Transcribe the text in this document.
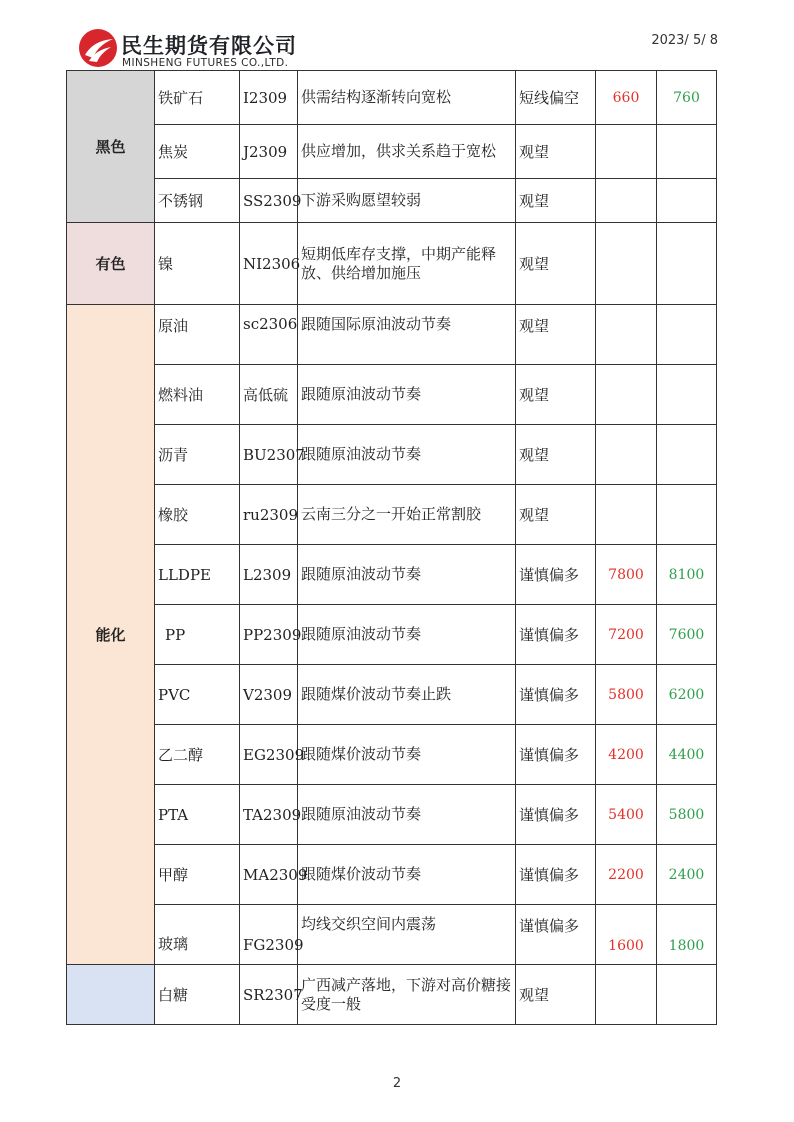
民生期货有限公司
MINSHENG FUTURES CO.,LTD.
2023/ 5/ 8
黑色	铁矿石	I2309	供需结构逐渐转向宽松	短线偏空	660	760
	焦炭	J2309	供应增加，供求关系趋于宽松	观望		
	不锈钢	SS2309	下游采购愿望较弱	观望		
有色	镍	NI2306	短期低库存支撑，中期产能释放、供给增加施压	观望		
能化	原油	sc2306	跟随国际原油波动节奏	观望		
	燃料油	高低硫	跟随原油波动节奏	观望		
	沥青	BU2307	跟随原油波动节奏	观望		
	橡胶	ru2309	云南三分之一开始正常割胶	观望		
	LLDPE	L2309	跟随原油波动节奏	谨慎偏多	7800	8100
	PP	PP2309	跟随原油波动节奏	谨慎偏多	7200	7600
	PVC	V2309	跟随煤价波动节奏止跌	谨慎偏多	5800	6200
	乙二醇	EG2309	跟随煤价波动节奏	谨慎偏多	4200	4400
	PTA	TA2309	跟随原油波动节奏	谨慎偏多	5400	5800
	甲醇	MA2309	跟随煤价波动节奏	谨慎偏多	2200	2400
	玻璃	FG2309	均线交织空间内震荡	谨慎偏多	1600	1800
	白糖	SR2307	广西减产落地，下游对高价糖接受度一般	观望		
2
